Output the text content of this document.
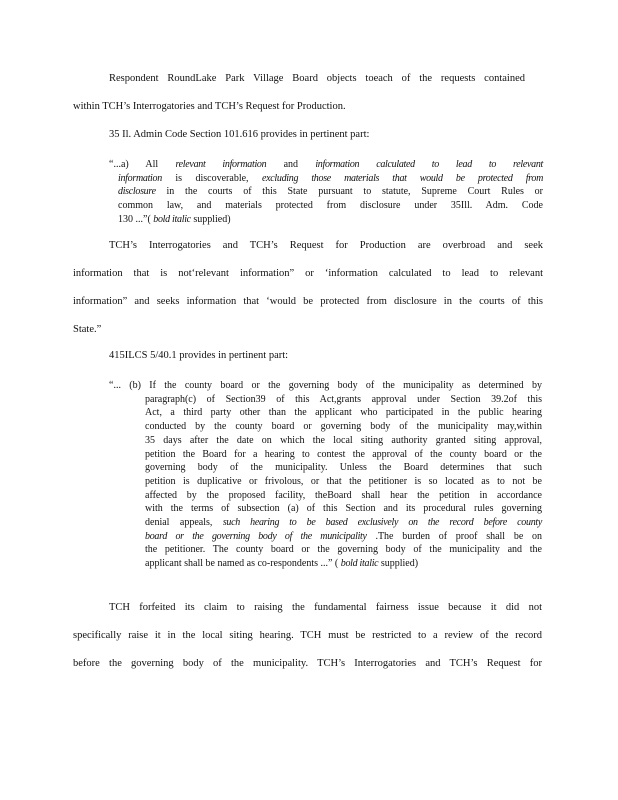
Respondent RoundLake Park Village Board objects toeach of the requests contained
within TCH’s Interrogatories and TCH’s Request for Production.
35 Il. Admin Code Section 101.616 provides in pertinent part:
“...a) All relevant information and information calculated to lead to relevant
information is discoverable, excluding those materials that would be protected from
disclosure in the courts of this State pursuant to statute, Supreme Court Rules or
common law, and materials protected from disclosure under 35Ill. Adm. Code
130 ...”( bold italic supplied)
TCH’s Interrogatories and TCH’s Request for Production are overbroad and seek
information that is not‘relevant information” or ‘information calculated to lead to relevant
information” and seeks information that ‘would be protected from disclosure in the courts of this
State.”
415ILCS 5/40.1 provides in pertinent part:
“... (b) If the county board or the governing body of the municipality as determined by
paragraph(c) of Section39 of this Act,grants approval under Section 39.2of this
Act, a third party other than the applicant who participated in the public hearing
conducted by the county board or governing body of the municipality may,within
35 days after the date on which the local siting authority granted siting approval,
petition the Board for a hearing to contest the approval of the county board or the
governing body of the municipality. Unless the Board determines that such
petition is duplicative or frivolous, or that the petitioner is so located as to not be
affected by the proposed facility, theBoard shall hear the petition in accordance
with the terms of subsection (a) of this Section and its procedural rules governing
denial appeals, such hearing to be based exclusively on the record before county
board or the governing body of the municipality .The burden of proof shall be on
the petitioner. The county board or the governing body of the municipality and the
applicant shall be named as co-respondents ...” ( bold italic supplied)
TCH forfeited its claim to raising the fundamental fairness issue because it did not
specifically raise it in the local siting hearing. TCH must be restricted to a review of the record
before the governing body of the municipality. TCH’s Interrogatories and TCH’s Request for
